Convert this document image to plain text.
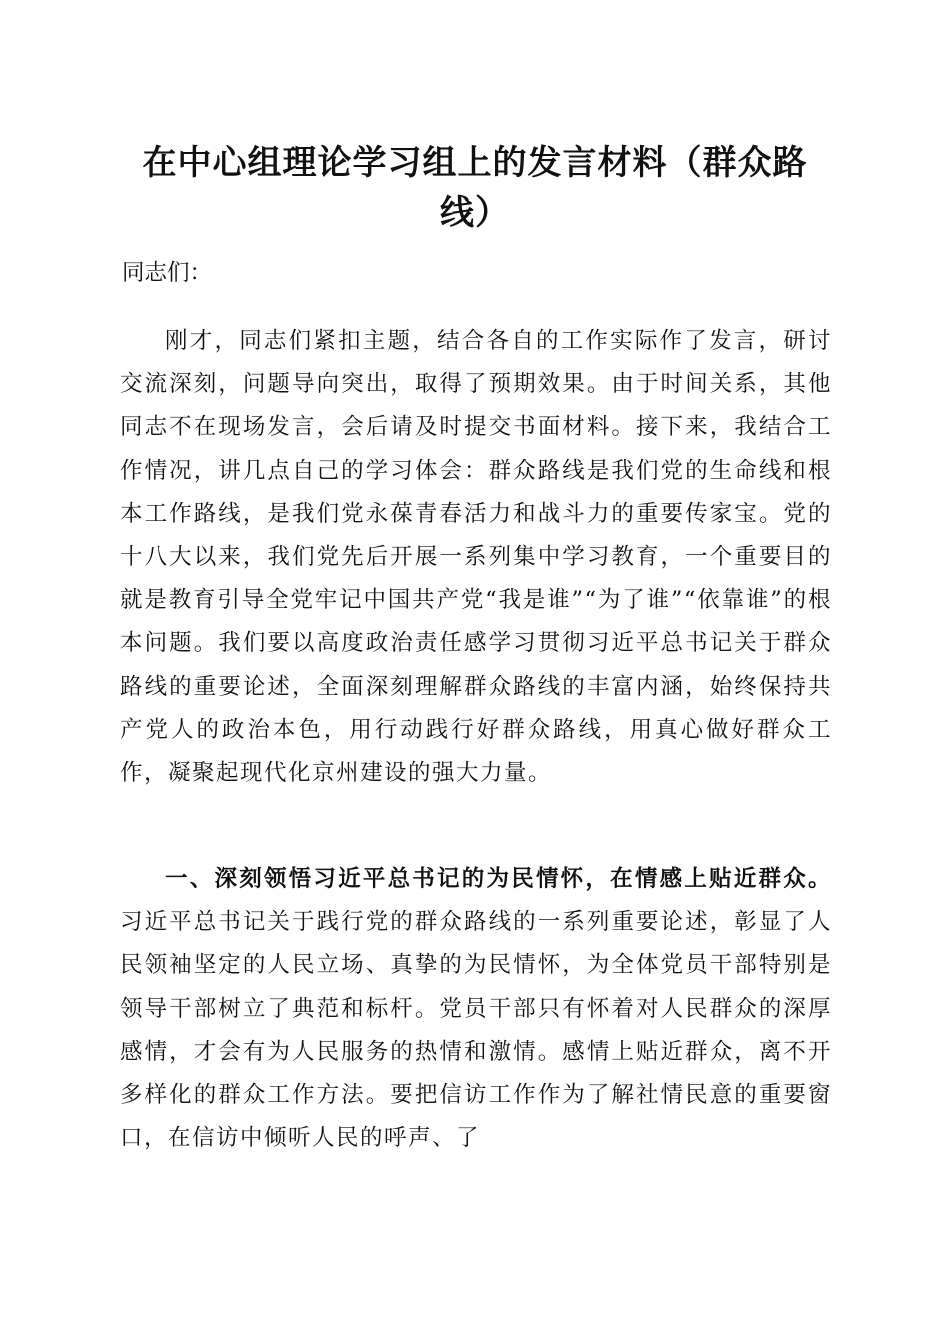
在中心组理论学习组上的发言材料（群众路线）

同志们：

刚才，同志们紧扣主题，结合各自的工作实际作了发言，研讨交流深刻，问题导向突出，取得了预期效果。由于时间关系，其他同志不在现场发言，会后请及时提交书面材料。接下来，我结合工作情况，讲几点自己的学习体会：群众路线是我们党的生命线和根本工作路线，是我们党永葆青春活力和战斗力的重要传家宝。党的十八大以来，我们党先后开展一系列集中学习教育，一个重要目的就是教育引导全党牢记中国共产党“我是谁”“为了谁”“依靠谁”的根本问题。我们要以高度政治责任感学习贯彻习近平总书记关于群众路线的重要论述，全面深刻理解群众路线的丰富内涵，始终保持共产党人的政治本色，用行动践行好群众路线，用真心做好群众工作，凝聚起现代化京州建设的强大力量。

一、深刻领悟习近平总书记的为民情怀，在情感上贴近群众。习近平总书记关于践行党的群众路线的一系列重要论述，彰显了人民领袖坚定的人民立场、真挚的为民情怀，为全体党员干部特别是领导干部树立了典范和标杆。党员干部只有怀着对人民群众的深厚感情，才会有为人民服务的热情和激情。感情上贴近群众，离不开多样化的群众工作方法。要把信访工作作为了解社情民意的重要窗口，在信访中倾听人民的呼声、了
